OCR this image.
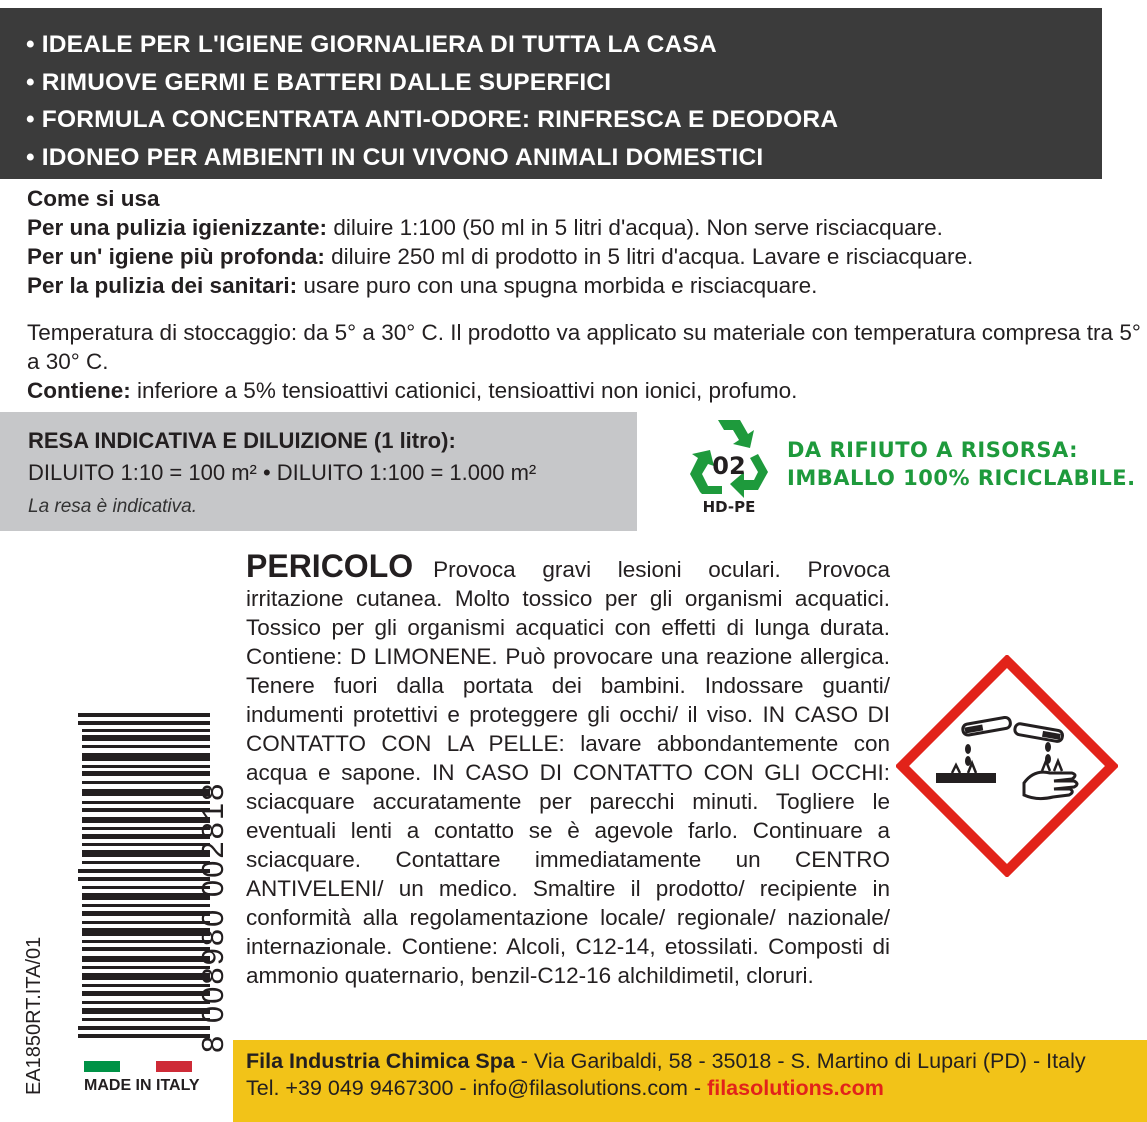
• IDEALE PER L'IGIENE GIORNALIERA DI TUTTA LA CASA
• RIMUOVE GERMI E BATTERI DALLE SUPERFICI
• FORMULA CONCENTRATA ANTI-ODORE: RINFRESCA E DEODORA
• IDONEO PER AMBIENTI IN CUI VIVONO ANIMALI DOMESTICI
Come si usa
Per una pulizia igienizzante: diluire 1:100 (50 ml in 5 litri d'acqua). Non serve risciacquare.
Per un' igiene più profonda: diluire 250 ml di prodotto in 5 litri d'acqua. Lavare e risciacquare.
Per la pulizia dei sanitari: usare puro con una spugna morbida e risciacquare.
Temperatura di stoccaggio: da 5° a 30° C. Il prodotto va applicato su materiale con temperatura compresa tra 5° a 30° C.
Contiene: inferiore a 5% tensioattivi cationici, tensioattivi non ionici, profumo.
RESA INDICATIVA E DILUIZIONE (1 litro):
DILUITO 1:10 = 100 m² • DILUITO 1:100 = 1.000 m²
La resa è indicativa.
02
HD-PE
DA RIFIUTO A RISORSA:
IMBALLO 100% RICICLABILE.
PERICOLO Provoca gravi lesioni oculari. Provoca irritazione cutanea. Molto tossico per gli organismi acquatici. Tossico per gli organismi acquatici con effetti di lunga durata. Contiene: D LIMONENE. Può provocare una reazione allergica. Tenere fuori dalla portata dei bambini. Indossare guanti/ indumenti protettivi e proteggere gli occhi/ il viso. IN CASO DI CONTATTO CON LA PELLE: lavare abbondantemente con acqua e sapone. IN CASO DI CONTATTO CON GLI OCCHI: sciacquare accuratamente per parecchi minuti. Togliere le eventuali lenti a contatto se è agevole farlo. Continuare a sciacquare. Contattare immediatamente un CENTRO ANTIVELENI/ un medico. Smaltire il prodotto/ recipiente in conformità alla regolamentazione locale/ regionale/ nazionale/ internazionale. Contiene: Alcoli, C12-14, etossilati. Composti di ammonio quaternario, benzil-C12-16 alchildimetil, cloruri.
8 008980 002818
EA1850RT.ITA/01 MADE IN ITALY
Fila Industria Chimica Spa - Via Garibaldi, 58 - 35018 - S. Martino di Lupari (PD) - Italy
Tel. +39 049 9467300 - info@filasolutions.com - filasolutions.com
